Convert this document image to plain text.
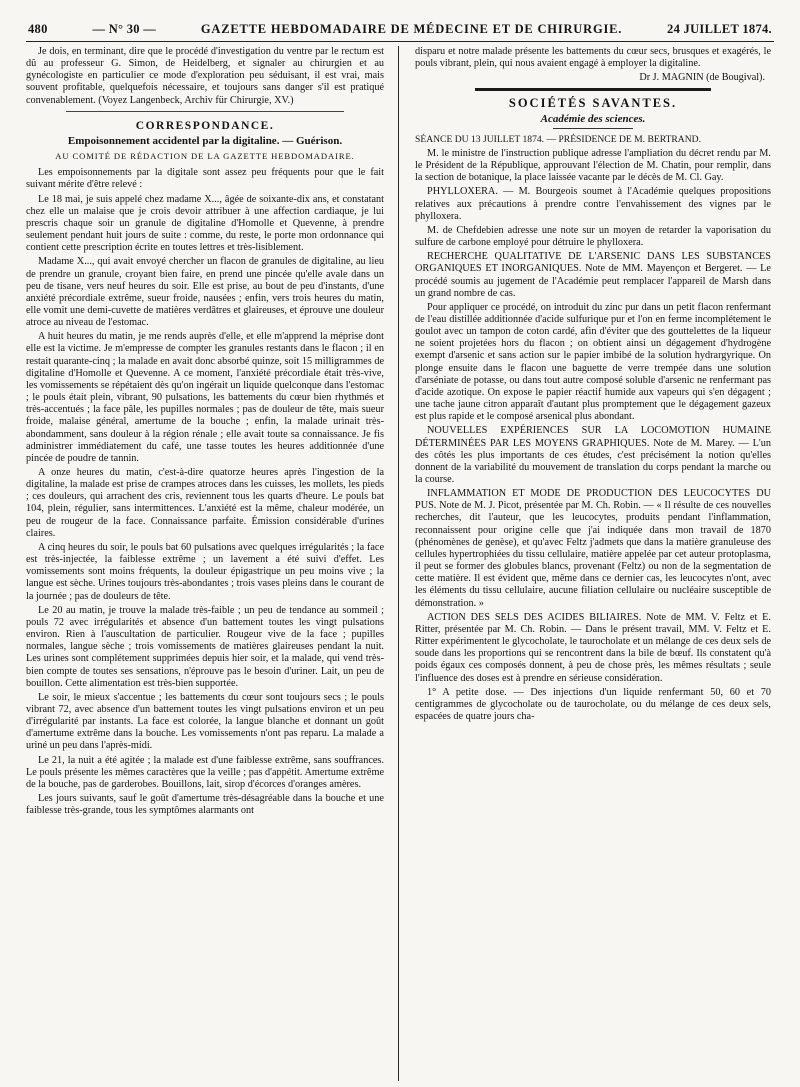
480	— N° 30 —	GAZETTE HEBDOMADAIRE DE MÉDECINE ET DE CHIRURGIE.	24 JUILLET 1874.

Je dois, en terminant, dire que le procédé d'investigation du ventre par le rectum est dû au professeur G. Simon, de Heidelberg, et signaler au chirurgien et au gynécologiste en particulier ce mode d'exploration peu séduisant, il est vrai, mais souvent profitable, quelquefois nécessaire, et toujours sans danger s'il est pratiqué convenablement. (Voyez Langenbeck, Archiv für Chirurgie, XV.)

CORRESPONDANCE.
Empoisonnement accidentel par la digitaline. — Guérison.
AU COMITÉ DE RÉDACTION DE LA GAZETTE HEBDOMADAIRE.

Les empoisonnements par la digitale sont assez peu fréquents pour que le fait suivant mérite d'être relevé :

Le 18 mai, je suis appelé chez madame X..., âgée de soixante-dix ans, et constatant chez elle un malaise que je crois devoir attribuer à une affection cardiaque, je lui prescris chaque soir un granule de digitaline d'Homolle et Quevenne, à prendre seulement pendant huit jours de suite : comme, du reste, le porte mon ordonnance qui contient cette prescription écrite en toutes lettres et très-lisiblement.

Madame X..., qui avait envoyé chercher un flacon de granules de digitaline, au lieu de prendre un granule, croyant bien faire, en prend une pincée qu'elle avale dans un peu de tisane, vers neuf heures du soir. Elle est prise, au bout de peu d'instants, d'une anxiété précordiale extrême, sueur froide, nausées ; enfin, vers trois heures du matin, elle vomit une demi-cuvette de matières verdâtres et glaireuses, et éprouve une douleur atroce au niveau de l'estomac.

A huit heures du matin, je me rends auprès d'elle, et elle m'apprend la méprise dont elle est la victime. Je m'empresse de compter les granules restants dans le flacon ; il en restait quarante-cinq ; la malade en avait donc absorbé quinze, soit 15 milligrammes de digitaline d'Homolle et Quevenne. A ce moment, l'anxiété précordiale était très-vive, les vomissements se répétaient dès qu'on ingérait un liquide quelconque dans l'estomac ; le pouls était plein, vibrant, 90 pulsations, les battements du cœur bien rhythmés et très-accentués ; la face pâle, les pupilles normales ; pas de douleur de tête, mais sueur froide, malaise général, amertume de la bouche ; enfin, la malade urinait très-abondamment, sans douleur à la région rénale ; elle avait toute sa connaissance. Je fis administrer immédiatement du café, une tasse toutes les heures additionnée d'une pincée de poudre de tannin.

A onze heures du matin, c'est-à-dire quatorze heures après l'ingestion de la digitaline, la malade est prise de crampes atroces dans les cuisses, les mollets, les pieds ; ces douleurs, qui arrachent des cris, reviennent tous les quarts d'heure. Le pouls bat 104, plein, régulier, sans intermittences. L'anxiété est la même, chaleur modérée, un peu de rougeur de la face. Connaissance parfaite. Émission considérable d'urines claires.

A cinq heures du soir, le pouls bat 60 pulsations avec quelques irrégularités ; la face est très-injectée, la faiblesse extrême ; un lavement a été suivi d'effet. Les vomissements sont moins fréquents, la douleur épigastrique un peu moins vive ; la langue est sèche. Urines toujours très-abondantes ; trois vases pleins dans le courant de la journée ; pas de douleurs de tête.

Le 20 au matin, je trouve la malade très-faible ; un peu de tendance au sommeil ; pouls 72 avec irrégularités et absence d'un battement toutes les vingt pulsations environ. Rien à l'auscultation de particulier. Rougeur vive de la face ; pupilles normales, langue sèche ; trois vomissements de matières glaireuses pendant la nuit. Les urines sont complétement supprimées depuis hier soir, et la malade, qui vend très-bien compte de toutes ses sensations, n'éprouve pas le besoin d'uriner. Lait, un peu de bouillon. Cette alimentation est très-bien supportée.

Le soir, le mieux s'accentue ; les battements du cœur sont toujours secs ; le pouls vibrant 72, avec absence d'un battement toutes les vingt pulsations environ et un peu d'irrégularité par instants. La face est colorée, la langue blanche et donnant un goût d'amertume extrême dans la bouche. Les vomissements n'ont pas reparu. La malade a uriné un peu dans l'après-midi.

Le 21, la nuit a été agitée ; la malade est d'une faiblesse extrême, sans souffrances. Le pouls présente les mêmes caractères que la veille ; pas d'appétit. Amertume extrême de la bouche, pas de garderobes. Bouillons, lait, sirop d'écorces d'oranges amères.

Les jours suivants, sauf le goût d'amertume très-désagréable dans la bouche et une faiblesse très-grande, tous les symptômes alarmants ont

disparu et notre malade présente les battements du cœur secs, brusques et exagérés, le pouls vibrant, plein, qui nous avaient engagé à employer la digitaline.

Dr J. MAGNIN (de Bougival).
SOCIÉTÉS SAVANTES.
Académie des sciences.

SÉANCE DU 13 JUILLET 1874. — PRÉSIDENCE DE M. BERTRAND.

M. le ministre de l'instruction publique adresse l'ampliation du décret rendu par M. le Président de la République, approuvant l'élection de M. Chatin, pour remplir, dans la section de botanique, la place laissée vacante par le décès de M. Cl. Gay.

PHYLLOXERA. — M. Bourgeois soumet à l'Académie quelques propositions relatives aux précautions à prendre contre l'envahissement des vignes par le phylloxera.

M. de Chefdebien adresse une note sur un moyen de retarder la vaporisation du sulfure de carbone employé pour détruire le phylloxera.

RECHERCHE QUALITATIVE DE L'ARSENIC DANS LES SUBSTANCES ORGANIQUES ET INORGANIQUES. Note de MM. Mayençon et Bergeret. — Le procédé soumis au jugement de l'Académie peut remplacer l'appareil de Marsh dans un grand nombre de cas.

Pour appliquer ce procédé, on introduit du zinc pur dans un petit flacon renfermant de l'eau distillée additionnée d'acide sulfurique pur et l'on en ferme incomplétement le goulot avec un tampon de coton cardé, afin d'éviter que des gouttelettes de la liqueur ne soient projetées hors du flacon ; on obtient ainsi un dégagement d'hydrogène exempt d'arsenic et sans action sur le papier imbibé de la solution hydrargyrique. On plonge ensuite dans le flacon une baguette de verre trempée dans une solution d'arséniate de potasse, ou dans tout autre composé soluble d'arsenic ne renfermant pas d'acide azotique. On expose le papier réactif humide aux vapeurs qui s'en dégagent ; une tache jaune citron apparaît d'autant plus promptement que le dégagement gazeux est plus rapide et le composé arsenical plus abondant.

NOUVELLES EXPÉRIENCES SUR LA LOCOMOTION HUMAINE DÉTERMINÉES PAR LES MOYENS GRAPHIQUES. Note de M. Marey. — L'un des côtés les plus importants de ces études, c'est précisément la notion qu'elles donnent de la variabilité du mouvement de translation du corps pendant la marche ou la course.

INFLAMMATION ET MODE DE PRODUCTION DES LEUCOCYTES DU PUS. Note de M. J. Picot, présentée par M. Ch. Robin. — « Il résulte de ces nouvelles recherches, dit l'auteur, que les leucocytes, produits pendant l'inflammation, reconnaissent pour origine celle que j'ai indiquée dans mon travail de 1870 (phénomènes de genèse), et qu'avec Feltz j'admets que dans la matière granuleuse des cellules hypertrophiées du tissu cellulaire, matière appelée par cet auteur protoplasma, il peut se former des globules blancs, provenant (Feltz) ou non de la segmentation de cette matière. Il est évident que, même dans ce dernier cas, les leucocytes n'ont, avec les éléments du tissu cellulaire, aucune filiation cellulaire ou nucléaire susceptible de démonstration. »

ACTION DES SELS DES ACIDES BILIAIRES. Note de MM. V. Feltz et E. Ritter, présentée par M. Ch. Robin. — Dans le présent travail, MM. V. Feltz et E. Ritter expérimentent le glycocholate, le taurocholate et un mélange de ces deux sels de soude dans les proportions qui se rencontrent dans la bile de bœuf. Ils constatent qu'à poids égaux ces composés donnent, à peu de chose près, les mêmes résultats ; seule l'influence des doses est à prendre en sérieuse considération.

1° A petite dose. — Des injections d'un liquide renfermant 50, 60 et 70 centigrammes de glycocholate ou de taurocholate, ou du mélange de ces deux sels, espacées de quatre jours cha-
